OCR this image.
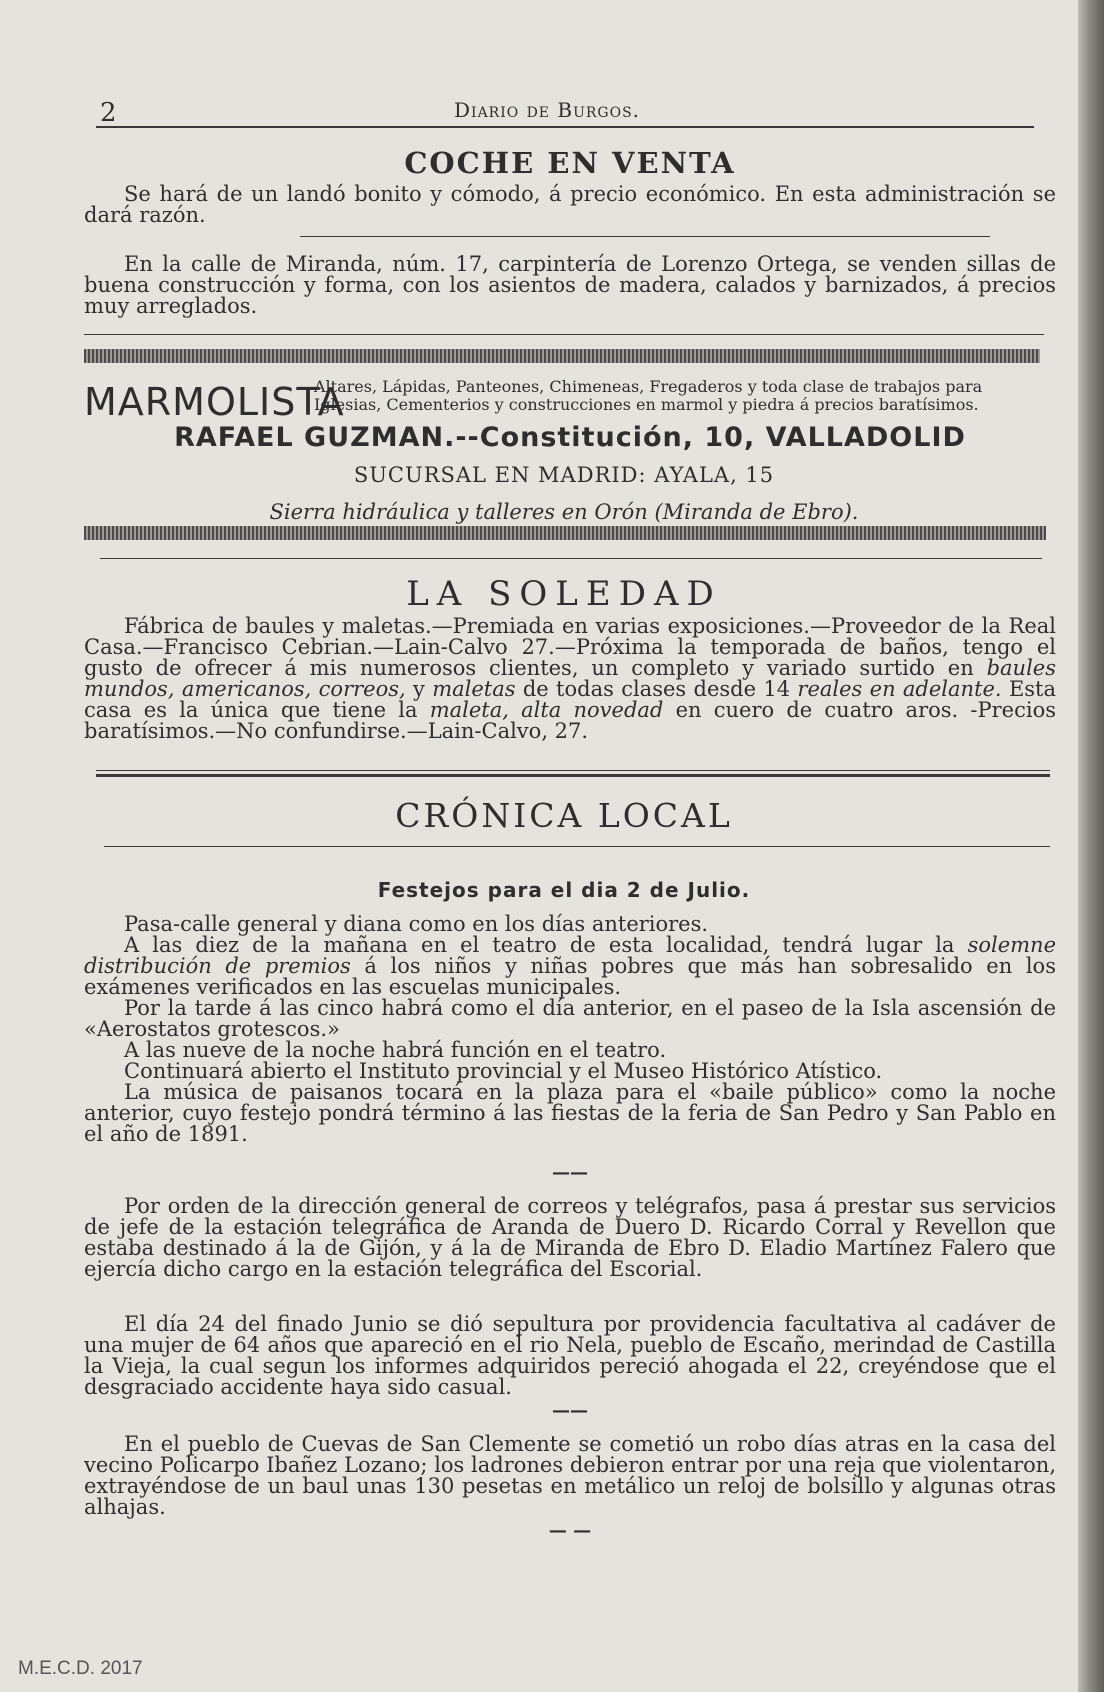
2	Diario de Burgos.
COCHE EN VENTA

Se hará de un landó bonito y cómodo, á precio económico. En esta administración se dará razón.

En la calle de Miranda, núm. 17, carpintería de Lorenzo Ortega, se venden sillas de buena construcción y forma, con los asientos de madera, calados y barnizados, á precios muy arreglados.

MARMOLISTA
Altares, Lápidas, Panteones, Chimeneas, Fregaderos y toda clase de trabajos para
Iglesias, Cementerios y construcciones en marmol y piedra á precios baratísimos.
RAFAEL GUZMAN.--Constitución, 10, VALLADOLID
SUCURSAL EN MADRID: AYALA, 15
Sierra hidráulica y talleres en Orón (Miranda de Ebro).
LA SOLEDAD

Fábrica de baules y maletas.—Premiada en varias exposiciones.—Proveedor de la Real Casa.—Francisco Cebrian.—Lain-Calvo 27.—Próxima la temporada de baños, tengo el gusto de ofrecer á mis numerosos clientes, un completo y variado surtido en baules mundos, americanos, correos, y maletas de todas clases desde 14 reales en adelante. Esta casa es la única que tiene la maleta, alta novedad en cuero de cuatro aros. -Precios baratísimos.—No confundirse.—Lain-Calvo, 27.

CRÓNICA LOCAL
Festejos para el dia 2 de Julio.

Pasa-calle general y diana como en los días anteriores.

A las diez de la mañana en el teatro de esta localidad, tendrá lugar la solemne distribución de premios á los niños y niñas pobres que más han sobresalido en los exámenes verificados en las escuelas municipales.

Por la tarde á las cinco habrá como el día anterior, en el paseo de la Isla ascensión de «Aerostatos grotescos.»

A las nueve de la noche habrá función en el teatro.

Continuará abierto el Instituto provincial y el Museo Histórico Atístico.

La música de paisanos tocará en la plaza para el «baile público» como la noche anterior, cuyo festejo pondrá término á las fiestas de la feria de San Pedro y San Pablo en el año de 1891.

——

Por orden de la dirección general de correos y telégrafos, pasa á prestar sus servicios de jefe de la estación telegráfica de Aranda de Duero D. Ricardo Corral y Revellon que estaba destinado á la de Gijón, y á la de Miranda de Ebro D. Eladio Martínez Falero que ejercía dicho cargo en la estación telegráfica del Escorial.

El día 24 del finado Junio se dió sepultura por providencia facultativa al cadáver de una mujer de 64 años que apareció en el rio Nela, pueblo de Escaño, merindad de Castilla la Vieja, la cual segun los informes adquiridos pereció ahogada el 22, creyéndose que el desgraciado accidente haya sido casual.

——

En el pueblo de Cuevas de San Clemente se cometió un robo días atras en la casa del vecino Policarpo Ibañez Lozano; los ladrones debieron entrar por una reja que violentaron, extrayéndose de un baul unas 130 pesetas en metálico un reloj de bolsillo y algunas otras alhajas.

— —
M.E.C.D. 2017
